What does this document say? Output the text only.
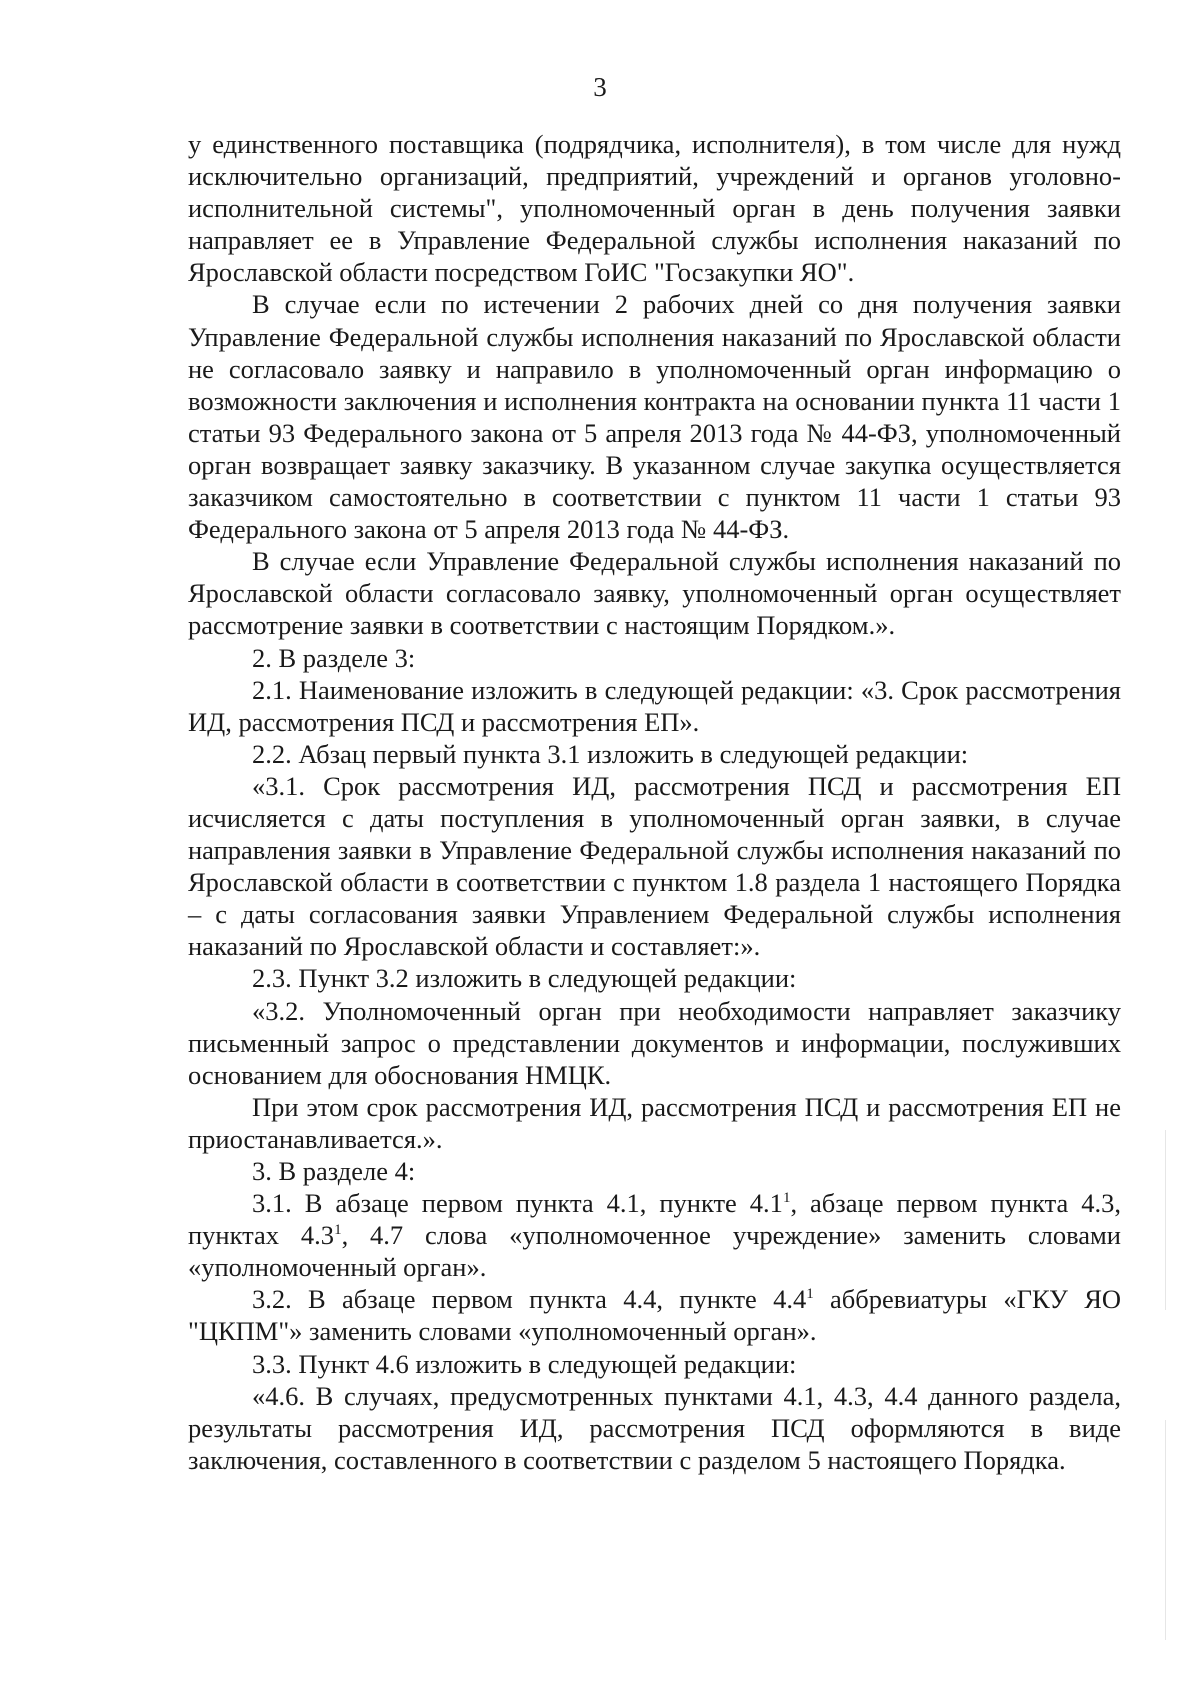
3

у единственного поставщика (подрядчика, исполнителя), в том числе для нужд исключительно организаций, предприятий, учреждений и органов уголовно-исполнительной системы", уполномоченный орган в день получения заявки направляет ее в Управление Федеральной службы исполнения наказаний по Ярославской области посредством ГоИС "Госзакупки ЯО".

В случае если по истечении 2 рабочих дней со дня получения заявки Управление Федеральной службы исполнения наказаний по Ярославской области не согласовало заявку и направило в уполномоченный орган информацию о возможности заключения и исполнения контракта на основании пункта 11 части 1 статьи 93 Федерального закона от 5 апреля 2013 года № 44-ФЗ, уполномоченный орган возвращает заявку заказчику. В указанном случае закупка осуществляется заказчиком самостоятельно в соответствии с пунктом 11 части 1 статьи 93 Федерального закона от 5 апреля 2013 года № 44-ФЗ.

В случае если Управление Федеральной службы исполнения наказаний по Ярославской области согласовало заявку, уполномоченный орган осуществляет рассмотрение заявки в соответствии с настоящим Порядком.».

2. В разделе 3:

2.1. Наименование изложить в следующей редакции: «3. Срок рассмотрения ИД, рассмотрения ПСД и рассмотрения ЕП».

2.2. Абзац первый пункта 3.1 изложить в следующей редакции:

«3.1. Срок рассмотрения ИД, рассмотрения ПСД и рассмотрения ЕП исчисляется с даты поступления в уполномоченный орган заявки, в случае направления заявки в Управление Федеральной службы исполнения наказаний по Ярославской области в соответствии с пунктом 1.8 раздела 1 настоящего Порядка – с даты согласования заявки Управлением Федеральной службы исполнения наказаний по Ярославской области и составляет:».

2.3. Пункт 3.2 изложить в следующей редакции:

«3.2. Уполномоченный орган при необходимости направляет заказчику письменный запрос о представлении документов и информации, послуживших основанием для обоснования НМЦК.

При этом срок рассмотрения ИД, рассмотрения ПСД и рассмотрения ЕП не приостанавливается.».

3. В разделе 4:

3.1. В абзаце первом пункта 4.1, пункте $4.1^1$, абзаце первом пункта 4.3, пунктах $4.3^1$, 4.7 слова «уполномоченное учреждение» заменить словами «уполномоченный орган».

3.2. В абзаце первом пункта 4.4, пункте $4.4^1$ аббревиатуры «ГКУ ЯО "ЦКПМ"» заменить словами «уполномоченный орган».

3.3. Пункт 4.6 изложить в следующей редакции:

«4.6. В случаях, предусмотренных пунктами 4.1, 4.3, 4.4 данного раздела, результаты рассмотрения ИД, рассмотрения ПСД оформляются в виде заключения, составленного в соответствии с разделом 5 настоящего Порядка.
